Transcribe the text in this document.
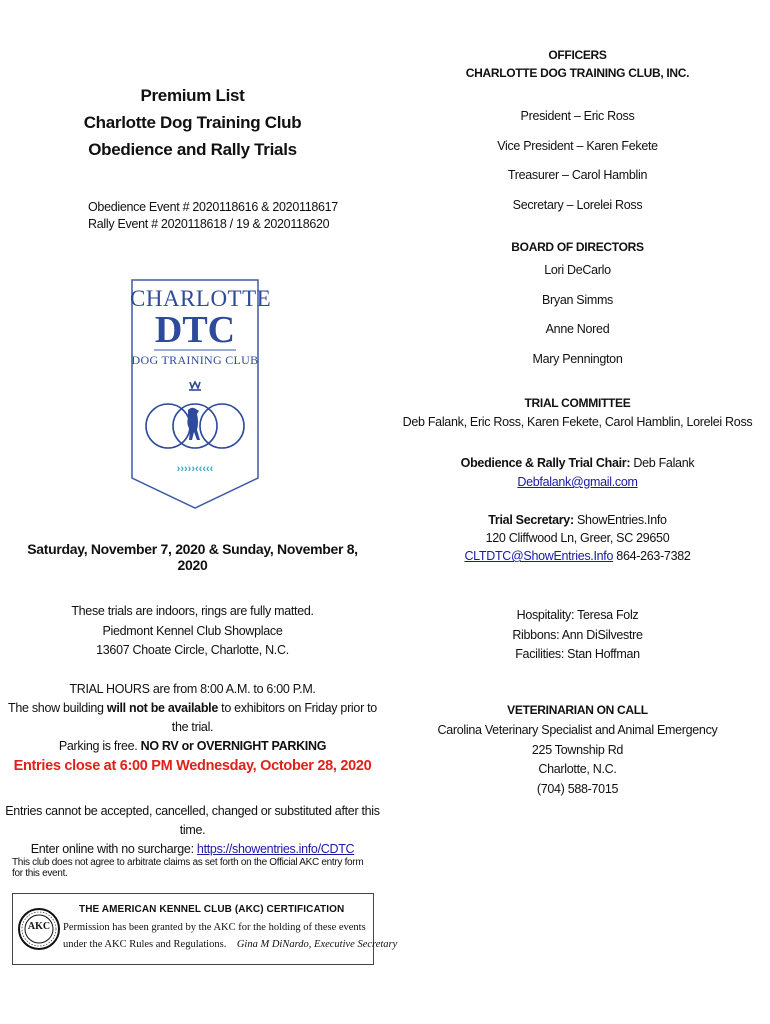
Premium List
Charlotte Dog Training Club
Obedience and Rally Trials
Obedience Event # 2020118616 & 2020118617
Rally Event # 2020118618 / 19 & 2020118620
›››››‹‹‹‹‹
CHARLOTTE
DTC
DOG TRAINING CLUB
Saturday, November 7, 2020 & Sunday, November 8, 2020
These trials are indoors, rings are fully matted.
Piedmont Kennel Club Showplace
13607 Choate Circle, Charlotte, N.C.
TRIAL HOURS are from 8:00 A.M. to 6:00 P.M.
The show building will not be available to exhibitors on Friday prior to the trial.
Parking is free. NO RV or OVERNIGHT PARKING
Entries close at 6:00 PM Wednesday, October 28, 2020
Entries cannot be accepted, cancelled, changed or substituted after this time.
Enter online with no surcharge: https://showentries.info/CDTC
This club does not agree to arbitrate claims as set forth on the Official AKC entry form for this event.
AKC
THE AMERICAN KENNEL CLUB (AKC) CERTIFICATION
Permission has been granted by the AKC for the holding of these events
under the AKC Rules and Regulations. Gina M DiNardo, Executive Secretary
OFFICERS
CHARLOTTE DOG TRAINING CLUB, INC.
President – Eric Ross
Vice President – Karen Fekete
Treasurer – Carol Hamblin
Secretary – Lorelei Ross
BOARD OF DIRECTORS
Lori DeCarlo
Bryan Simms
Anne Nored
Mary Pennington
TRIAL COMMITTEE
Deb Falank, Eric Ross, Karen Fekete, Carol Hamblin, Lorelei Ross
Obedience & Rally Trial Chair: Deb Falank
Debfalank@gmail.com
Trial Secretary: ShowEntries.Info
120 Cliffwood Ln, Greer, SC 29650
CLTDTC@ShowEntries.Info 864-263-7382
Hospitality: Teresa Folz
Ribbons: Ann DiSilvestre
Facilities: Stan Hoffman
VETERINARIAN ON CALL
Carolina Veterinary Specialist and Animal Emergency
225 Township Rd
Charlotte, N.C.
(704) 588-7015
